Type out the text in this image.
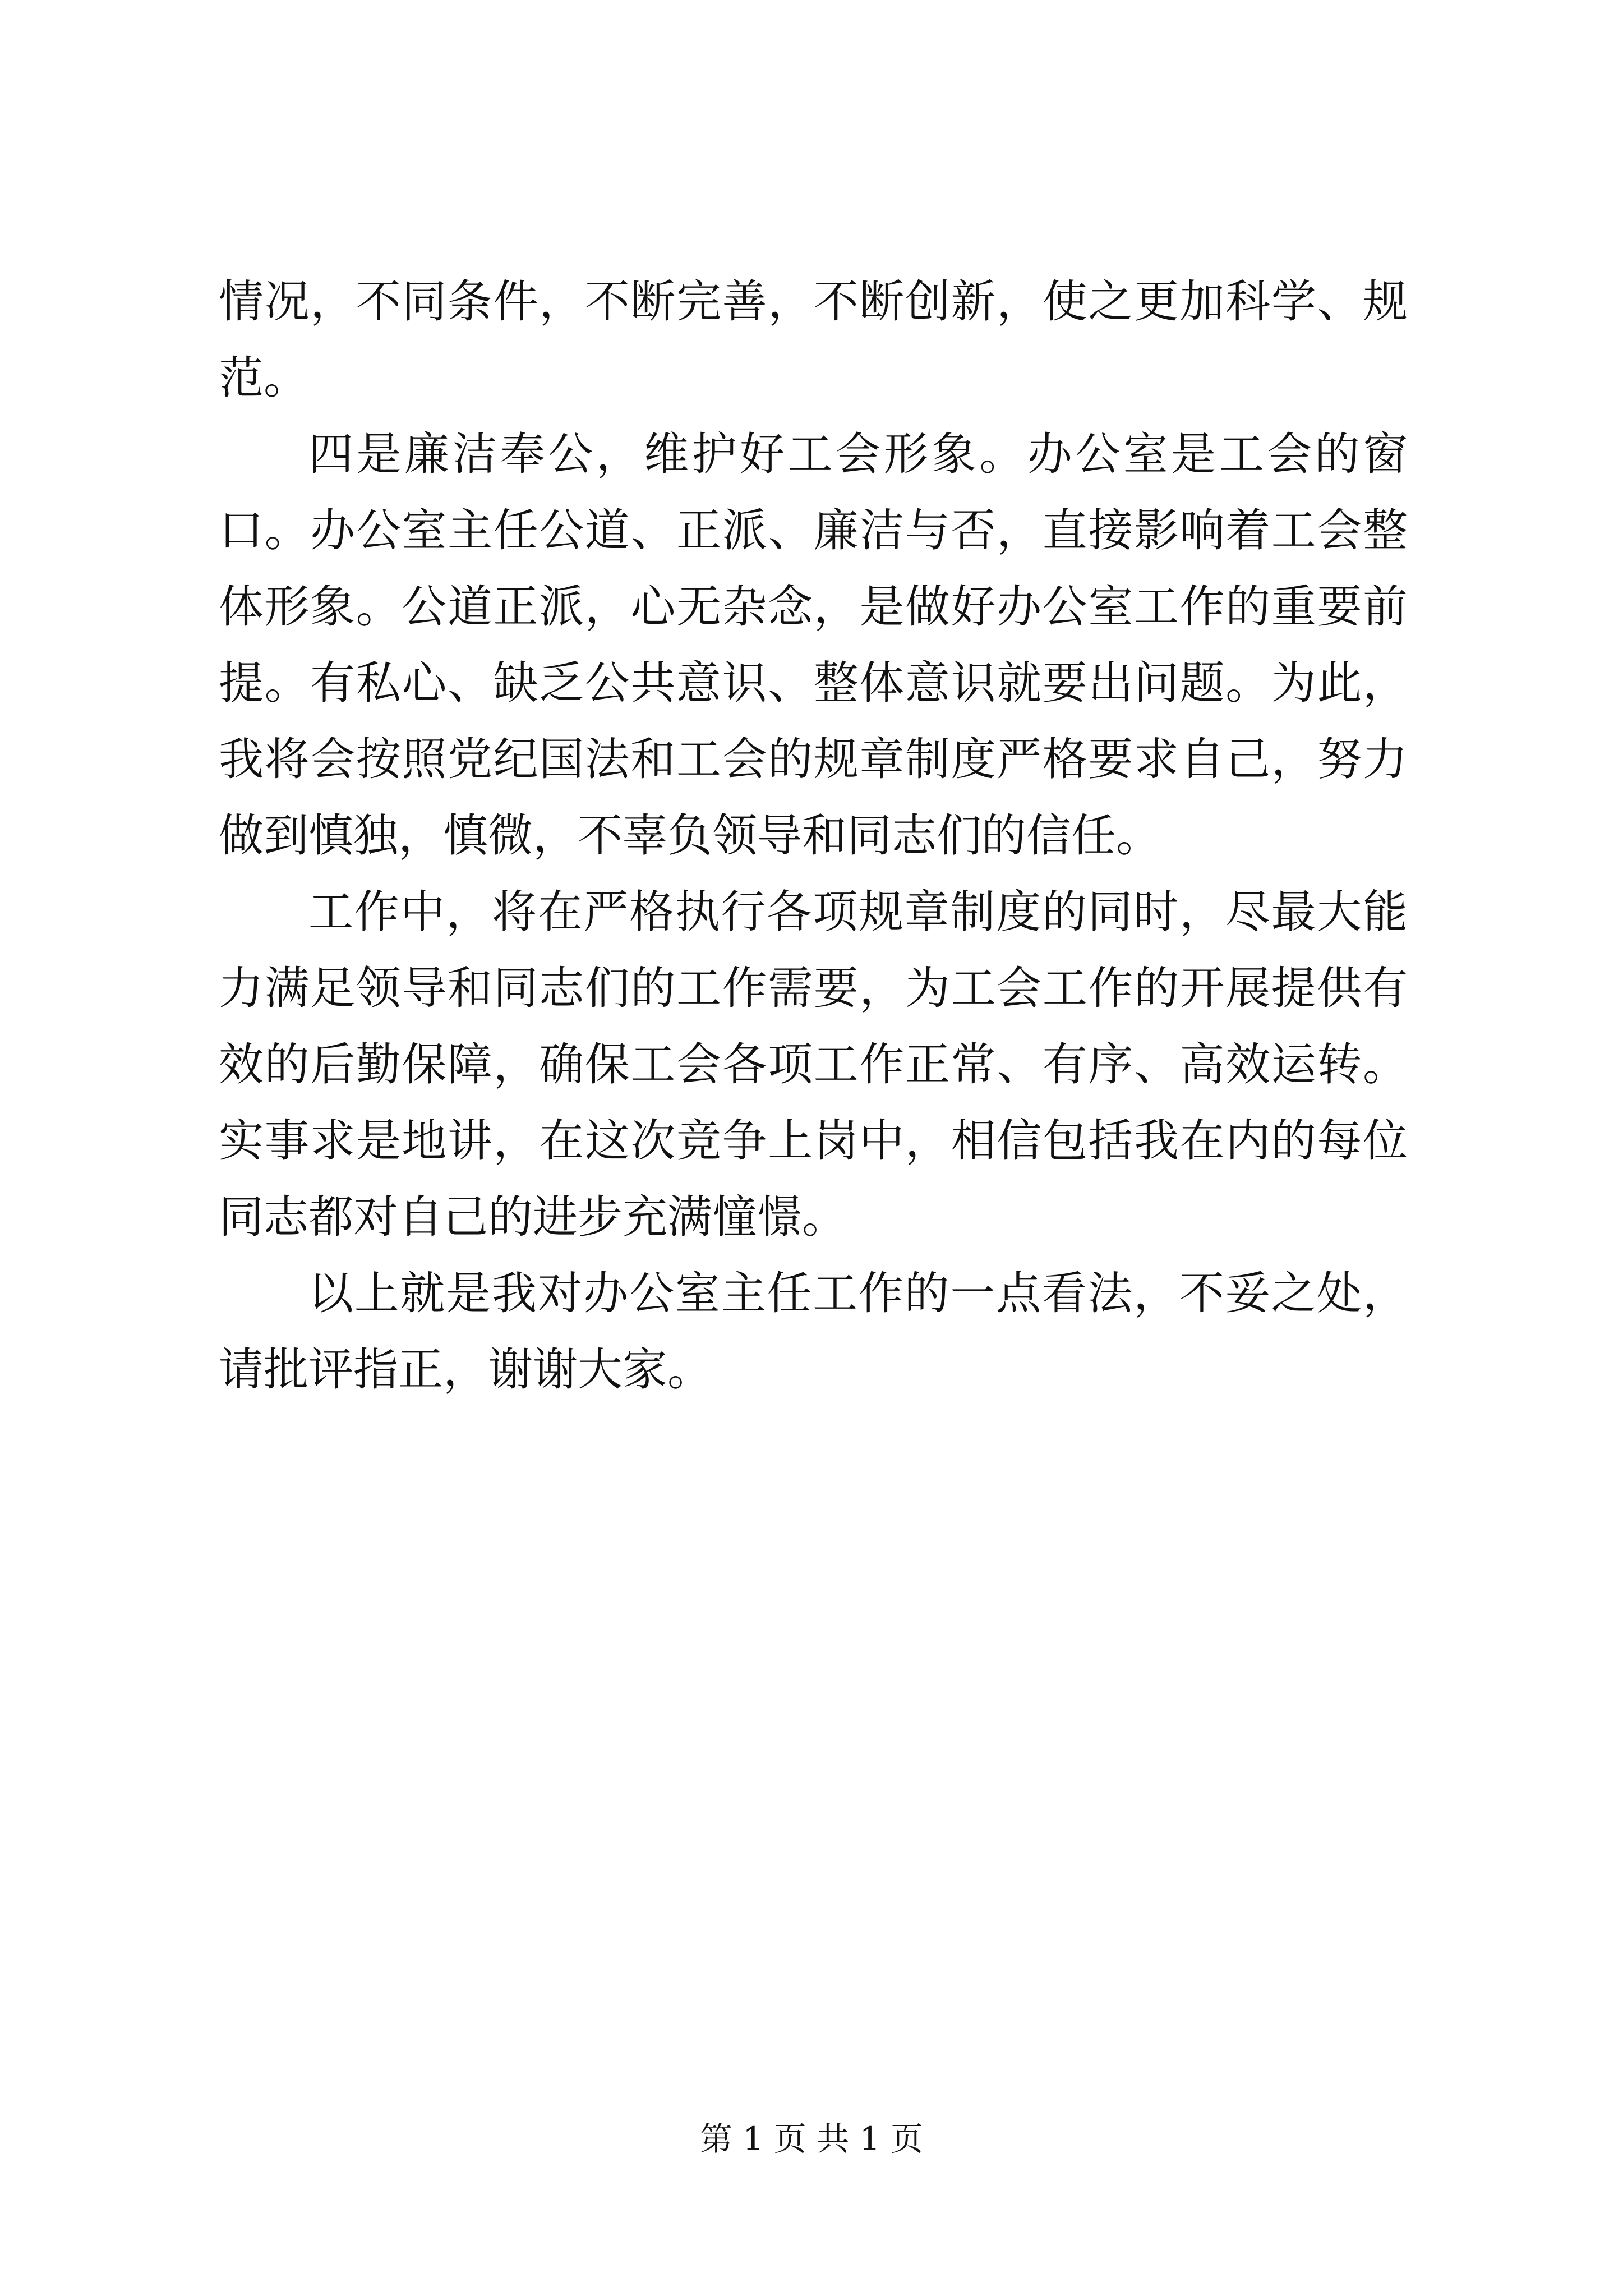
情况，不同条件，不断完善，不断创新，使之更加科学、规范。

四是廉洁奉公，维护好工会形象。办公室是工会的窗口。办公室主任公道、正派、廉洁与否，直接影响着工会整体形象。公道正派，心无杂念，是做好办公室工作的重要前提。有私心、缺乏公共意识、整体意识就要出问题。为此，我将会按照党纪国法和工会的规章制度严格要求自己，努力做到慎独，慎微，不辜负领导和同志们的信任。

工作中，将在严格执行各项规章制度的同时，尽最大能力满足领导和同志们的工作需要，为工会工作的开展提供有效的后勤保障，确保工会各项工作正常、有序、高效运转。实事求是地讲，在这次竞争上岗中，相信包括我在内的每位同志都对自己的进步充满憧憬。

以上就是我对办公室主任工作的一点看法，不妥之处，请批评指正，谢谢大家。

第 1 页 共 1 页
